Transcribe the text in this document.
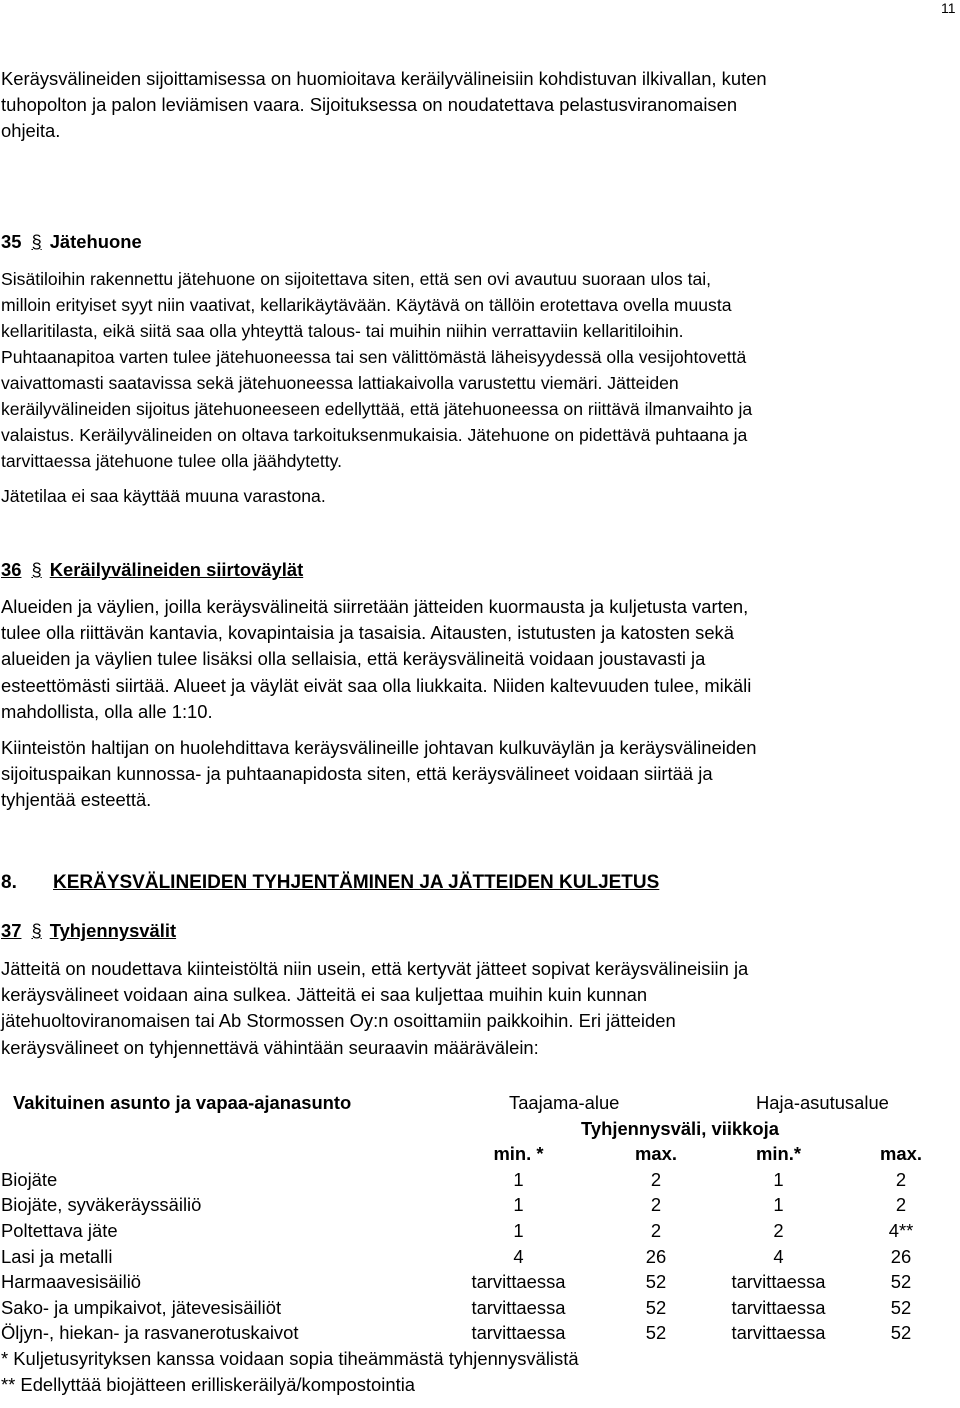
11

Keräysvälineiden sijoittamisessa on huomioitava keräilyvälineisiin kohdistuvan ilkivallan, kuten
tuhopolton ja palon leviämisen vaara. Sijoituksessa on noudatettava pelastusviranomaisen
ohjeita.

35 § Jätehuone

Sisätiloihin rakennettu jätehuone on sijoitettava siten, että sen ovi avautuu suoraan ulos tai,
milloin erityiset syyt niin vaativat, kellarikäytävään. Käytävä on tällöin erotettava ovella muusta
kellaritilasta, eikä siitä saa olla yhteyttä talous- tai muihin niihin verrattaviin kellaritiloihin.
Puhtaanapitoa varten tulee jätehuoneessa tai sen välittömästä läheisyydessä olla vesijohtovettä
vaivattomasti saatavissa sekä jätehuoneessa lattiakaivolla varustettu viemäri. Jätteiden
keräilyvälineiden sijoitus jätehuoneeseen edellyttää, että jätehuoneessa on riittävä ilmanvaihto ja
valaistus. Keräilyvälineiden on oltava tarkoituksenmukaisia. Jätehuone on pidettävä puhtaana ja
tarvittaessa jätehuone tulee olla jäähdytetty.

Jätetilaa ei saa käyttää muuna varastona.

36 § Keräilyvälineiden siirtoväylät

Alueiden ja väylien, joilla keräysvälineitä siirretään jätteiden kuormausta ja kuljetusta varten,
tulee olla riittävän kantavia, kovapintaisia ja tasaisia. Aitausten, istutusten ja katosten sekä
alueiden ja väylien tulee lisäksi olla sellaisia, että keräysvälineitä voidaan joustavasti ja
esteettömästi siirtää. Alueet ja väylät eivät saa olla liukkaita. Niiden kaltevuuden tulee, mikäli
mahdollista, olla alle 1:10.

Kiinteistön haltijan on huolehdittava keräysvälineille johtavan kulkuväylän ja keräysvälineiden
sijoituspaikan kunnossa- ja puhtaanapidosta siten, että keräysvälineet voidaan siirtää ja
tyhjentää esteettä.

8. KERÄYSVÄLINEIDEN TYHJENTÄMINEN JA JÄTTEIDEN KULJETUS
37 § Tyhjennysvälit

Jätteitä on noudettava kiinteistöltä niin usein, että kertyvät jätteet sopivat keräysvälineisiin ja
keräysvälineet voidaan aina sulkea. Jätteitä ei saa kuljettaa muihin kuin kunnan
jätehuoltoviranomaisen tai Ab Stormossen Oy:n osoittamiin paikkoihin. Eri jätteiden
keräysvälineet on tyhjennettävä vähintään seuraavin määrävälein:

Vakituinen asunto ja vapaa-ajanasunto	Taajama-alue	Haja-asutusalue
Tyhjennysväli, viikkoja
min. *	max.	min.*	max.
Biojäte	1	2	1	2
Biojäte, syväkeräyssäiliö	1	2	1	2
Poltettava jäte	1	2	2	4**
Lasi ja metalli	4	26	4	26
Harmaavesisäiliö	tarvittaessa	52	tarvittaessa	52
Sako- ja umpikaivot, jätevesisäiliöt	tarvittaessa	52	tarvittaessa	52
Öljyn-, hiekan- ja rasvanerotuskaivot	tarvittaessa	52	tarvittaessa	52
* Kuljetusyrityksen kanssa voidaan sopia tiheämmästä tyhjennysvälistä
** Edellyttää biojätteen erilliskeräilyä/kompostointia
